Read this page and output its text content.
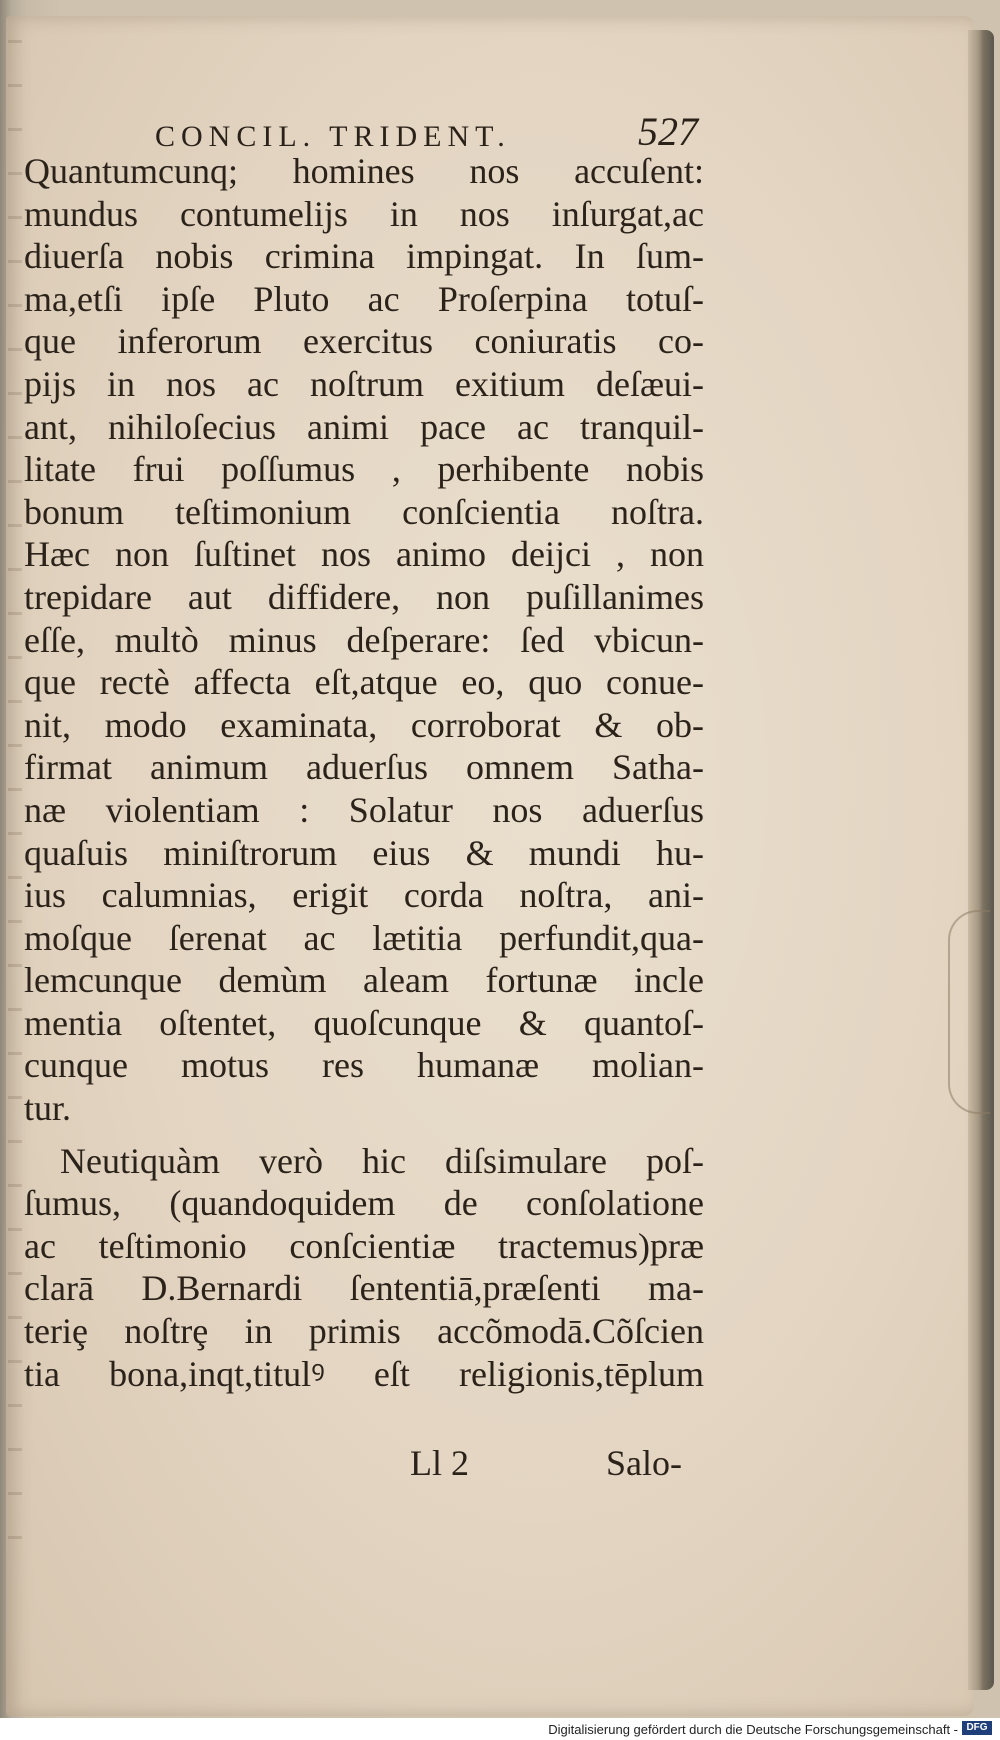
CONCIL. TRIDENT.	527
Quantumcunq; homines nos accuſent:
mundus contumelijs in nos inſurgat,ac
diuerſa nobis crimina impingat. In ſum-
ma,etſi ipſe Pluto ac Proſerpina totuſ-
que inferorum exercitus coniuratis co-
pijs in nos ac noſtrum exitium deſæui-
ant, nihiloſecius animi pace ac tranquil-
litate frui poſſumus , perhibente nobis
bonum teſtimonium conſcientia noſtra.
Hæc non ſuſtinet nos animo deijci , non
trepidare aut diffidere, non puſillanimes
eſſe, multò minus deſperare: ſed vbicun-
que rectè affecta eſt,atque eo, quo conue-
nit, modo examinata, corroborat & ob-
firmat animum aduerſus omnem Satha-
næ violentiam : Solatur nos aduerſus
quaſuis miniſtrorum eius & mundi hu-
ius calumnias, erigit corda noſtra, ani-
moſque ſerenat ac lætitia perfundit,qua-
lemcunque demùm aleam fortunæ incle
mentia oſtentet, quoſcunque & quantoſ-
cunque motus res humanæ molian-
tur.
Neutiquàm verò hic diſsimulare poſ-
ſumus, (quandoquidem de conſolatione
ac teſtimonio conſcientiæ tractemus)præ
clarā D.Bernardi ſententiā,præſenti ma-
teriȩ noſtrȩ in primis accõmodā.Cõſcien
tia bona,inqt,titulꝰ eſt religionis,tēplum
Ll 2	Salo-
Digitalisierung gefördert durch die Deutsche Forschungsgemeinschaft - DFG
